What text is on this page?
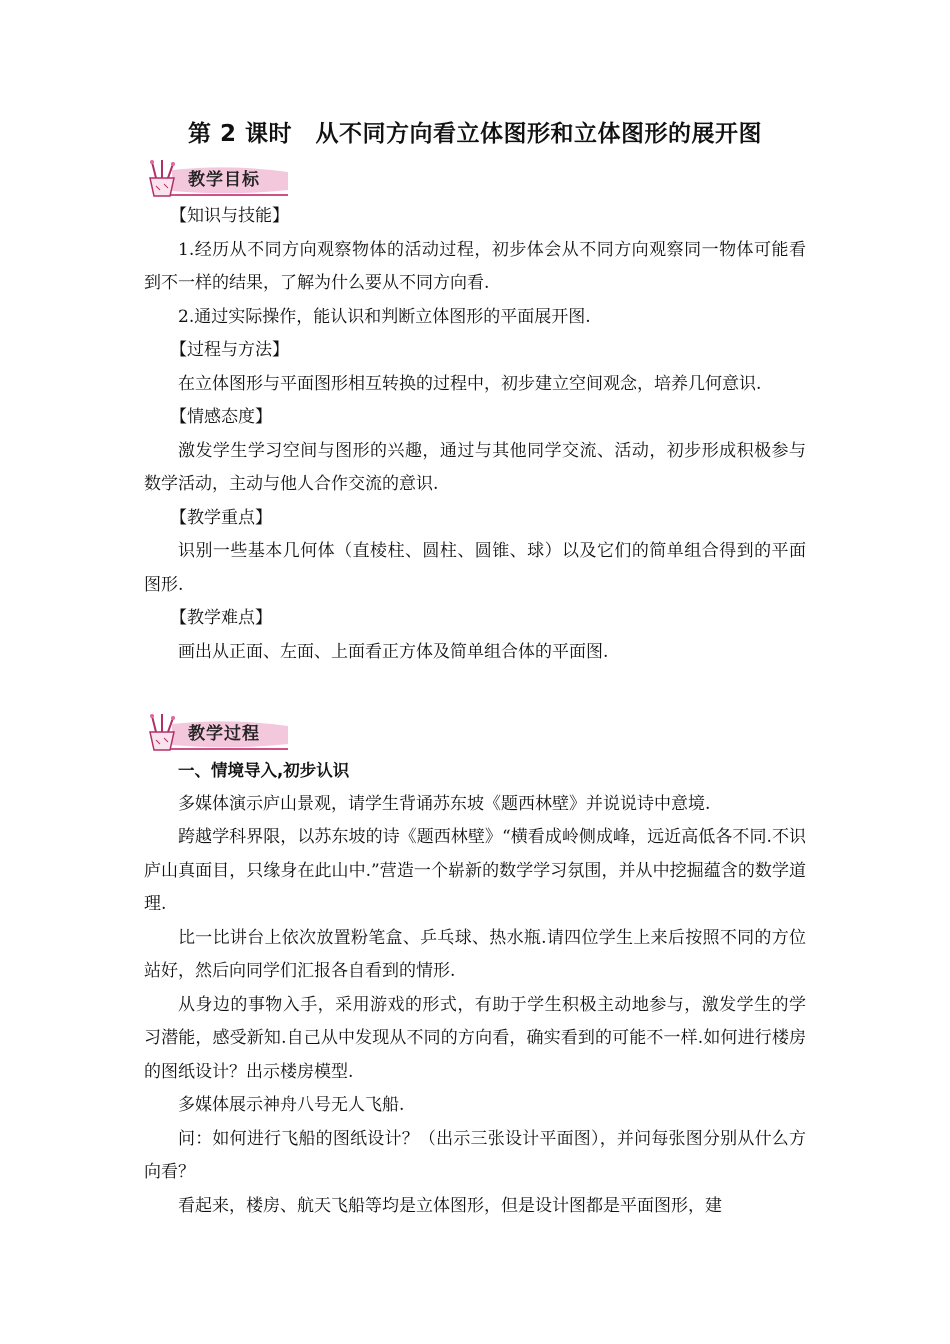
第 2 课时　从不同方向看立体图形和立体图形的展开图
教学目标

【知识与技能】

1.经历从不同方向观察物体的活动过程，初步体会从不同方向观察同一物体可能看到不一样的结果，了解为什么要从不同方向看.

2.通过实际操作，能认识和判断立体图形的平面展开图.

【过程与方法】

在立体图形与平面图形相互转换的过程中，初步建立空间观念，培养几何意识.

【情感态度】

激发学生学习空间与图形的兴趣，通过与其他同学交流、活动，初步形成积极参与数学活动，主动与他人合作交流的意识.

【教学重点】

识别一些基本几何体（直棱柱、圆柱、圆锥、球）以及它们的简单组合得到的平面图形.

【教学难点】

画出从正面、左面、上面看正方体及简单组合体的平面图.

教学过程

一、情境导入,初步认识

多媒体演示庐山景观，请学生背诵苏东坡《题西林壁》并说说诗中意境.

跨越学科界限，以苏东坡的诗《题西林壁》“横看成岭侧成峰，远近高低各不同.不识庐山真面目，只缘身在此山中.”营造一个崭新的数学学习氛围，并从中挖掘蕴含的数学道理.

比一比讲台上依次放置粉笔盒、乒乓球、热水瓶.请四位学生上来后按照不同的方位站好，然后向同学们汇报各自看到的情形.

从身边的事物入手，采用游戏的形式，有助于学生积极主动地参与，激发学生的学习潜能，感受新知.自己从中发现从不同的方向看，确实看到的可能不一样.如何进行楼房的图纸设计？出示楼房模型.

多媒体展示神舟八号无人飞船.

问：如何进行飞船的图纸设计？（出示三张设计平面图），并问每张图分别从什么方向看？

看起来，楼房、航天飞船等均是立体图形，但是设计图都是平面图形，建
